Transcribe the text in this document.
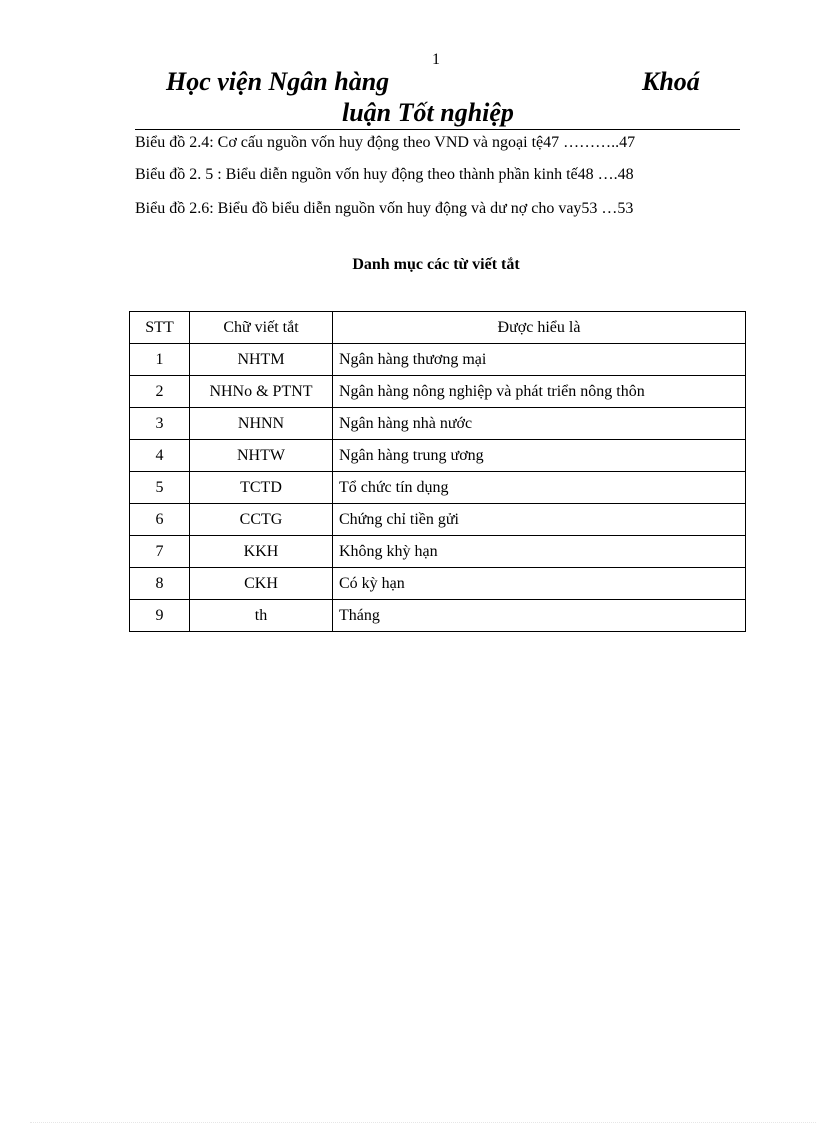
1
Học viện Ngân hàng	Khoá
luận Tốt nghiệp
Biểu đồ 2.4: Cơ cấu nguồn vốn huy động theo VND và ngoại tệ47 ………..47
Biểu đồ 2. 5 : Biểu diễn nguồn vốn huy động theo thành phần kinh tế48 ….48
Biểu đồ 2.6: Biểu đồ biểu diễn nguồn vốn huy động và dư nợ cho vay53 …53
Danh mục các từ viết tắt
STT	Chữ viết tắt	Được hiểu là
1	NHTM	Ngân hàng thương mại
2	NHNo & PTNT	Ngân hàng nông nghiệp và phát triển nông thôn
3	NHNN	Ngân hàng nhà nước
4	NHTW	Ngân hàng trung ương
5	TCTD	Tổ chức tín dụng
6	CCTG	Chứng chỉ tiền gửi
7	KKH	Không khỳ hạn
8	CKH	Có kỳ hạn
9	th	Tháng
